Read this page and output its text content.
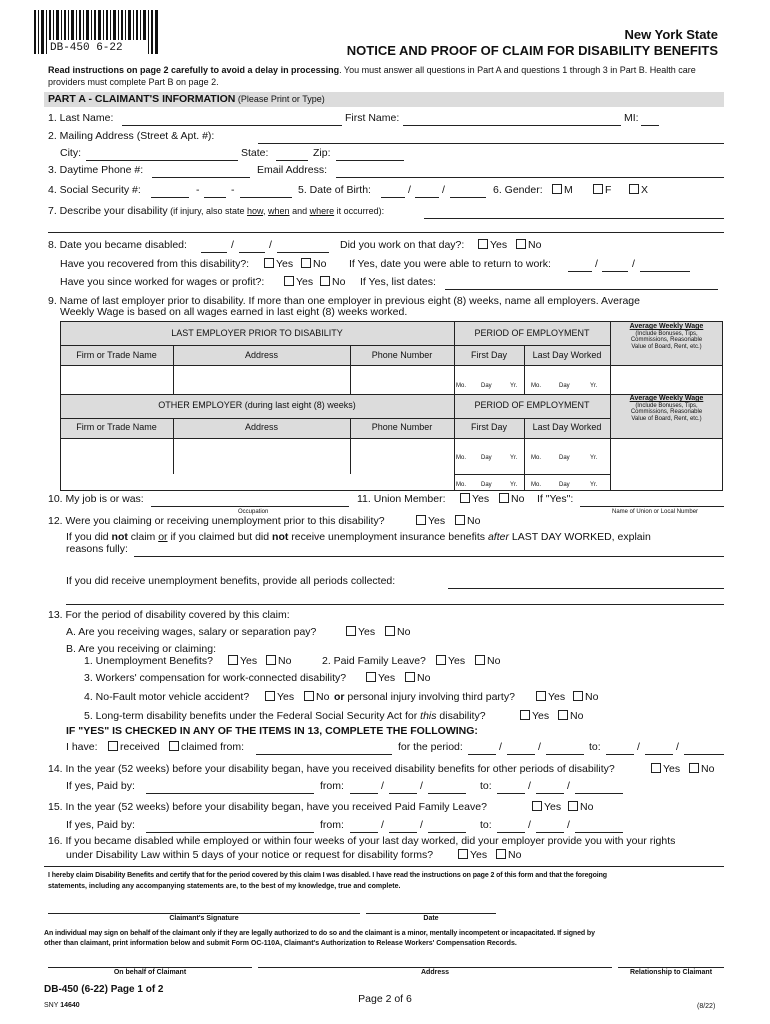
DB-450 6-22
New York State
NOTICE AND PROOF OF CLAIM FOR DISABILITY BENEFITS
Read instructions on page 2 carefully to avoid a delay in processing. You must answer all questions in Part A and questions 1 through 3 in Part B. Health care
providers must complete Part B on page 2.
PART A - CLAIMANT'S INFORMATION (Please Print or Type)
1. Last Name:	First Name:	MI:
2. Mailing Address (Street & Apt. #):
City:	State:	Zip:
3. Daytime Phone #:	Email Address:
4. Social Security #:	-	-	5. Date of Birth:	/	/	6. Gender:	M	F	X
7. Describe your disability (if injury, also state how, when and where it occurred):
8. Date you became disabled:	/	/	Did you work on that day?:	Yes	No
Have you recovered from this disability?:	Yes	No If Yes, date you were able to return to work:	/	/
Have you since worked for wages or profit?:	Yes	No If Yes, list dates:
9. Name of last employer prior to disability. If more than one employer in previous eight (8) weeks, name all employers. Average
Weekly Wage is based on all wages earned in last eight (8) weeks worked.
LAST EMPLOYER PRIOR TO DISABILITY	PERIOD OF EMPLOYMENT
Firm or Trade Name	Address	Phone Number	First Day	Last Day Worked
Average Weekly Wage
(Include Bonuses, Tips,
Commissions, Reasonable
Value of Board, Rent, etc.)
Mo. Day	Yr. Mo.	Day	Yr.
OTHER EMPLOYER (during last eight (8) weeks)	PERIOD OF EMPLOYMENT
Firm or Trade Name	Address	Phone Number	First Day	Last Day Worked
Average Weekly Wage
(Include Bonuses, Tips,
Commissions, Reasonable
Value of Board, Rent, etc.)
Mo. Day	Yr. Mo.	Day	Yr.
Mo. Day	Yr. Mo.	Day	Yr.
10. My job is or was:
Occupation
11. Union Member:	Yes	No If "Yes":
Name of Union or Local Number
12. Were you claiming or receiving unemployment prior to this disability?	Yes	No
If you did not claim or if you claimed but did not receive unemployment insurance benefits after LAST DAY WORKED, explain
reasons fully:
If you did receive unemployment benefits, provide all periods collected:
13. For the period of disability covered by this claim:
A. Are you receiving wages, salary or separation pay?	Yes	No
B. Are you receiving or claiming:
1. Unemployment Benefits?	Yes	No	2. Paid Family Leave?	Yes	No
3. Workers' compensation for work-connected disability?	Yes	No
4. No-Fault motor vehicle accident?	Yes	No or personal injury involving third party?	Yes	No
5. Long-term disability benefits under the Federal Social Security Act for this disability?	Yes	No
IF "YES" IS CHECKED IN ANY OF THE ITEMS IN 13, COMPLETE THE FOLLOWING:
I have:	received	claimed from:	for the period:	/	/	to:	/	/
14. In the year (52 weeks) before your disability began, have you received disability benefits for other periods of disability?	Yes	No
If yes, Paid by:	from:	/	/	to:	/	/
15. In the year (52 weeks) before your disability began, have you received Paid Family Leave?	Yes	No
If yes, Paid by:	from:	/	/	to:	/	/
16. If you became disabled while employed or within four weeks of your last day worked, did your employer provide you with your rights
under Disability Law within 5 days of your notice or request for disability forms?	Yes	No
I hereby claim Disability Benefits and certify that for the period covered by this claim I was disabled. I have read the instructions on page 2 of this form and that the foregoing
statements, including any accompanying statements are, to the best of my knowledge, true and complete.
Claimant's Signature	Date
An individual may sign on behalf of the claimant only if they are legally authorized to do so and the claimant is a minor, mentally incompetent or incapacitated. If signed by
other than claimant, print information below and submit Form OC-110A, Claimant's Authorization to Release Workers' Compensation Records.
On behalf of Claimant	Address	Relationship to Claimant
DB-450 (6-22) Page 1 of 2
SNY 14640
Page 2 of 6
(8/22)
